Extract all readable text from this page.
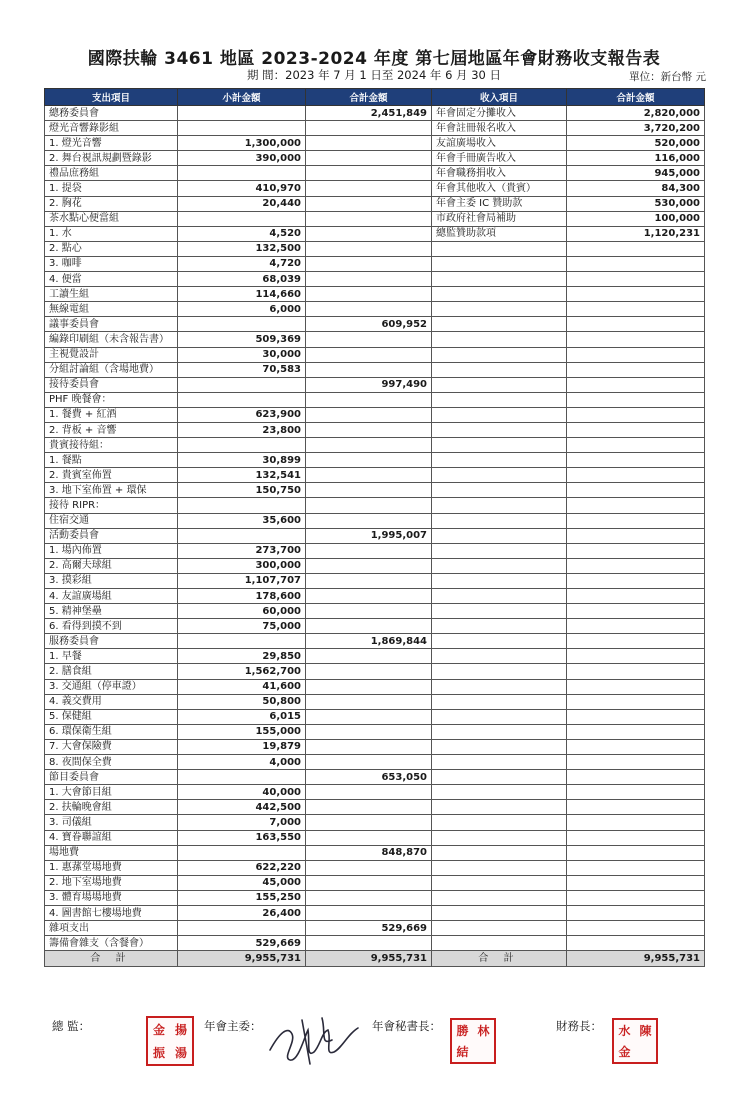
國際扶輪 3461 地區 2023-2024 年度 第七屆地區年會財務收支報告表
期 間：2023 年 7 月 1 日至 2024 年 6 月 30 日	單位：新台幣 元
支出項目	小計金額	合計金額	收入項目	合計金額
總務委員會		2,451,849	年會固定分攤收入	2,820,000
燈光音響錄影組			年會註冊報名收入	3,720,200
1. 燈光音響	1,300,000		友誼廣場收入	520,000
2. 舞台視訊規劃暨錄影	390,000		年會手冊廣告收入	116,000
禮品庶務組			年會職務捐收入	945,000
1. 提袋	410,970		年會其他收入（貴賓）	84,300
2. 胸花	20,440		年會主委 IC 贊助款	530,000
茶水點心便當組			市政府社會局補助	100,000
1. 水	4,520		總監贊助款項	1,120,231
2. 點心	132,500			
3. 咖啡	4,720			
4. 便當	68,039			
工讀生組	114,660			
無線電組	6,000			
議事委員會		609,952		
編錄印刷組（未含報告書）	509,369			
主視覺設計	30,000			
分組討論組（含場地費）	70,583			
接待委員會		997,490		
PHF 晚餐會：				
1. 餐費 + 紅酒	623,900			
2. 背板 + 音響	23,800			
貴賓接待組：				
1. 餐點	30,899			
2. 貴賓室佈置	132,541			
3. 地下室佈置 + 環保	150,750			
接待 RIPR：				
住宿交通	35,600			
活動委員會		1,995,007		
1. 場內佈置	273,700			
2. 高爾夫球組	300,000			
3. 摸彩組	1,107,707			
4. 友誼廣場組	178,600			
5. 精神堡壘	60,000			
6. 看得到摸不到	75,000			
服務委員會		1,869,844		
1. 早餐	29,850			
2. 膳食組	1,562,700			
3. 交通組（停車證）	41,600			
4. 義交費用	50,800			
5. 保健組	6,015			
6. 環保衛生組	155,000			
7. 大會保險費	19,879			
8. 夜間保全費	4,000			
節目委員會		653,050		
1. 大會節目組	40,000			
2. 扶輪晚會組	442,500			
3. 司儀組	7,000			
4. 寶眷聯誼組	163,550			
場地費		848,870		
1. 惠蓀堂場地費	622,220			
2. 地下室場地費	45,000			
3. 體育場場地費	155,250			
4. 圖書館七樓場地費	26,400			
雜項支出		529,669		
籌備會雜支（含餐會）	529,669			
合 計	9,955,731	9,955,731	合 計	9,955,731
總 監：	金 揚
振 湯
年會主委：	年會秘書長： 勝 林
結
財務長： 水 陳
金
